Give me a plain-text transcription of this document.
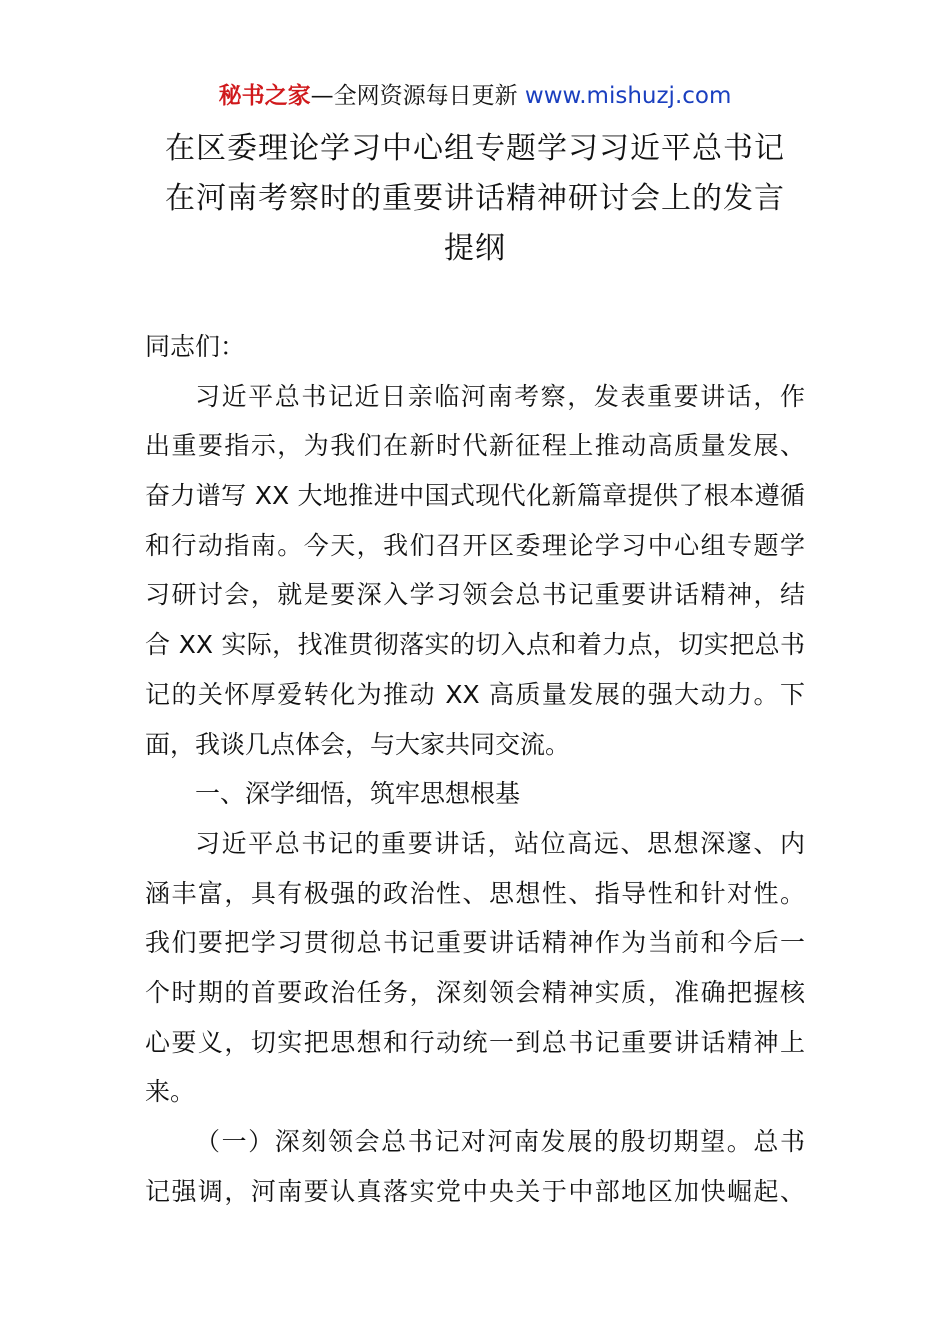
秘书之家—全网资源每日更新 www.mishuzj.com
在区委理论学习中心组专题学习习近平总书记
在河南考察时的重要讲话精神研讨会上的发言
提纲
同志们：
习近平总书记近日亲临河南考察，发表重要讲话，作
出重要指示，为我们在新时代新征程上推动高质量发展、
奋力谱写 XX 大地推进中国式现代化新篇章提供了根本遵循
和行动指南。今天，我们召开区委理论学习中心组专题学
习研讨会，就是要深入学习领会总书记重要讲话精神，结
合 XX 实际，找准贯彻落实的切入点和着力点，切实把总书
记的关怀厚爱转化为推动 XX 高质量发展的强大动力。下
面，我谈几点体会，与大家共同交流。
一、深学细悟，筑牢思想根基
习近平总书记的重要讲话，站位高远、思想深邃、内
涵丰富，具有极强的政治性、思想性、指导性和针对性。
我们要把学习贯彻总书记重要讲话精神作为当前和今后一
个时期的首要政治任务，深刻领会精神实质，准确把握核
心要义，切实把思想和行动统一到总书记重要讲话精神上
来。
（一）深刻领会总书记对河南发展的殷切期望。总书
记强调，河南要认真落实党中央关于中部地区加快崛起、
